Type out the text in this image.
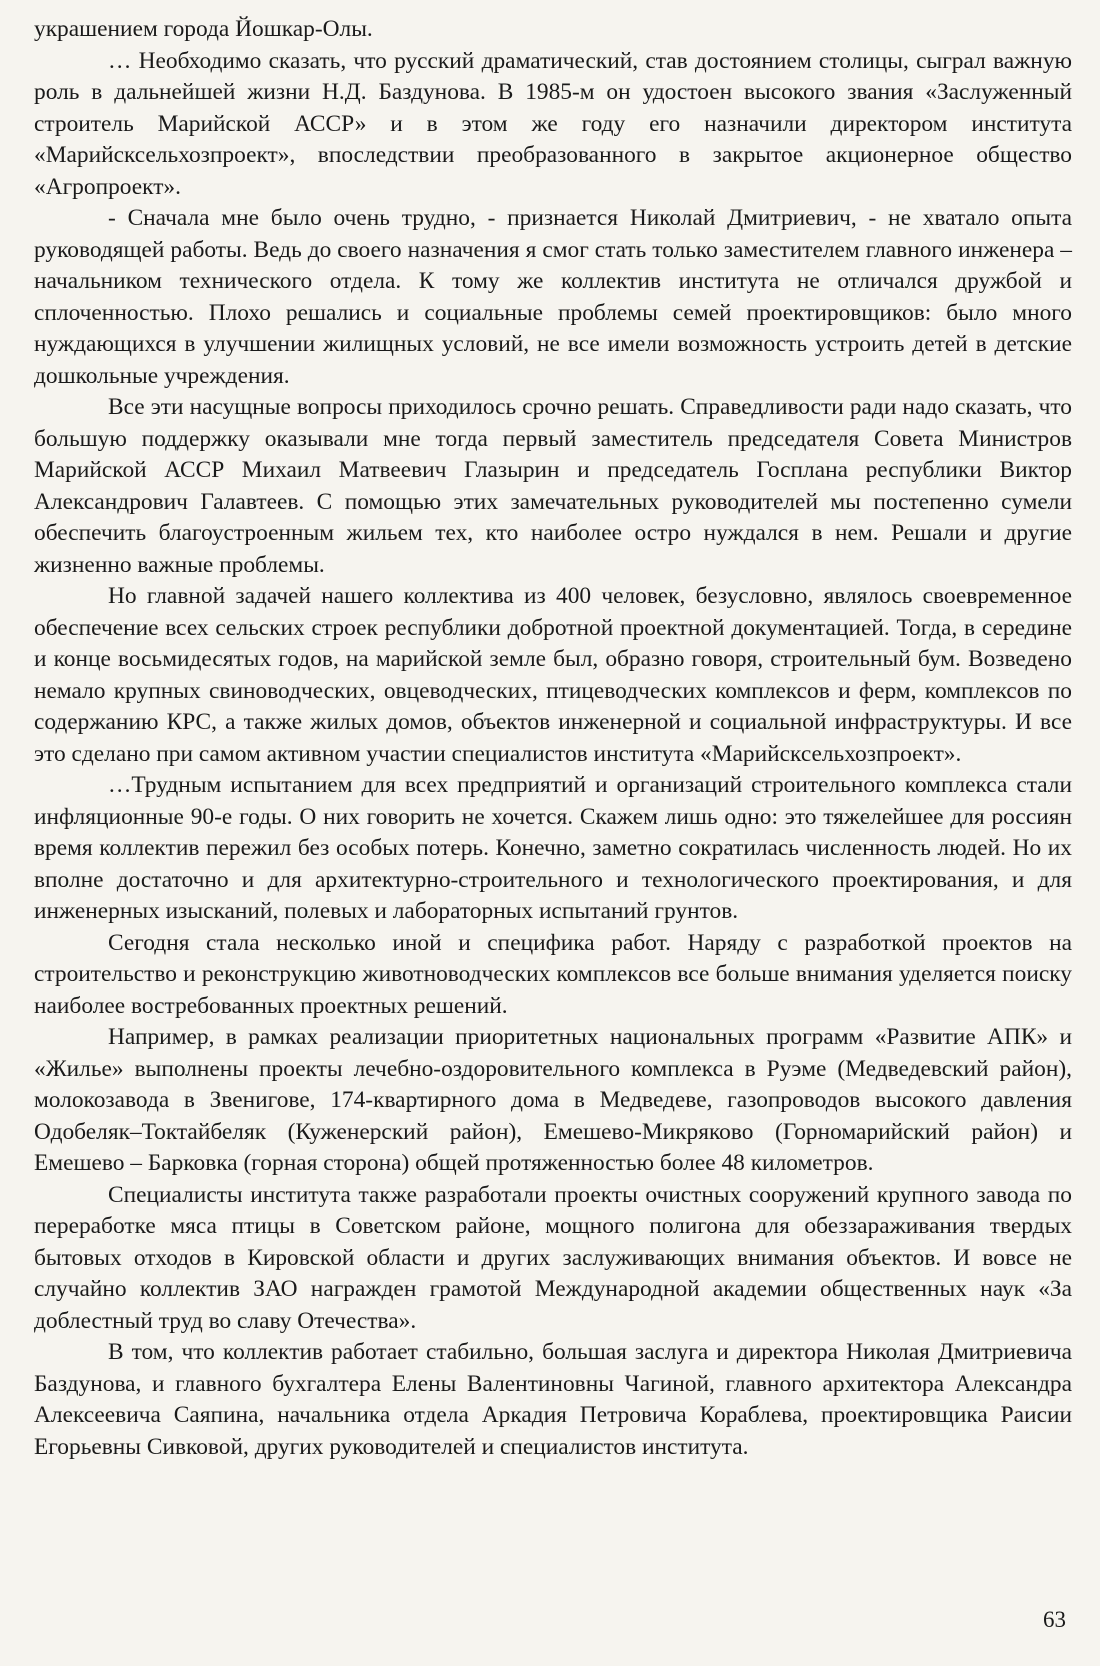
украшением города Йошкар-Олы.

… Необходимо сказать, что русский драматический, став достоянием столицы, сыграл важную роль в дальнейшей жизни Н.Д. Баздунова. В 1985-м он удостоен высокого звания «Заслуженный строитель Марийской АССР» и в этом же году его назначили директором института «Марийсксельхозпроект», впоследствии преобразованного в закрытое акционерное общество «Агропроект».

- Сначала мне было очень трудно, - признается Николай Дмитриевич, - не хватало опыта руководящей работы. Ведь до своего назначения я смог стать только заместителем главного инженера – начальником технического отдела. К тому же коллектив института не отличался дружбой и сплоченностью. Плохо решались и социальные проблемы семей проектировщиков: было много нуждающихся в улучшении жилищных условий, не все имели возможность устроить детей в детские дошкольные учреждения.

Все эти насущные вопросы приходилось срочно решать. Справедливости ради надо сказать, что большую поддержку оказывали мне тогда первый заместитель председателя Совета Министров Марийской АССР Михаил Матвеевич Глазырин и председатель Госплана республики Виктор Александрович Галавтеев. С помощью этих замечательных руководителей мы постепенно сумели обеспечить благоустроенным жильем тех, кто наиболее остро нуждался в нем. Решали и другие жизненно важные проблемы.

Но главной задачей нашего коллектива из 400 человек, безусловно, являлось своевременное обеспечение всех сельских строек республики добротной проектной документацией. Тогда, в середине и конце восьмидесятых годов, на марийской земле был, образно говоря, строительный бум. Возведено немало крупных свиноводческих, овцеводческих, птицеводческих комплексов и ферм, комплексов по содержанию КРС, а также жилых домов, объектов инженерной и социальной инфраструктуры. И все это сделано при самом активном участии специалистов института «Марийсксельхозпроект».

…Трудным испытанием для всех предприятий и организаций строительного комплекса стали инфляционные 90-е годы. О них говорить не хочется. Скажем лишь одно: это тяжелейшее для россиян время коллектив пережил без особых потерь. Конечно, заметно сократилась численность людей. Но их вполне достаточно и для архитектурно-строительного и технологического проектирования, и для инженерных изысканий, полевых и лабораторных испытаний грунтов.

Сегодня стала несколько иной и специфика работ. Наряду с разработкой проектов на строительство и реконструкцию животноводческих комплексов все больше внимания уделяется поиску наиболее востребованных проектных решений.

Например, в рамках реализации приоритетных национальных программ «Развитие АПК» и «Жилье» выполнены проекты лечебно-оздоровительного комплекса в Руэме (Медведевский район), молокозавода в Звенигове, 174-квартирного дома в Медведеве, газопроводов высокого давления Одобеляк–Токтайбеляк (Куженерский район), Емешево-Микряково (Горномарийский район) и Емешево – Барковка (горная сторона) общей протяженностью более 48 километров.

Специалисты института также разработали проекты очистных сооружений крупного завода по переработке мяса птицы в Советском районе, мощного полигона для обеззараживания твердых бытовых отходов в Кировской области и других заслуживающих внимания объектов. И вовсе не случайно коллектив ЗАО награжден грамотой Международной академии общественных наук «За доблестный труд во славу Отечества».

В том, что коллектив работает стабильно, большая заслуга и директора Николая Дмитриевича Баздунова, и главного бухгалтера Елены Валентиновны Чагиной, главного архитектора Александра Алексеевича Саяпина, начальника отдела Аркадия Петровича Кораблева, проектировщика Раисии Егорьевны Сивковой, других руководителей и специалистов института.

63
